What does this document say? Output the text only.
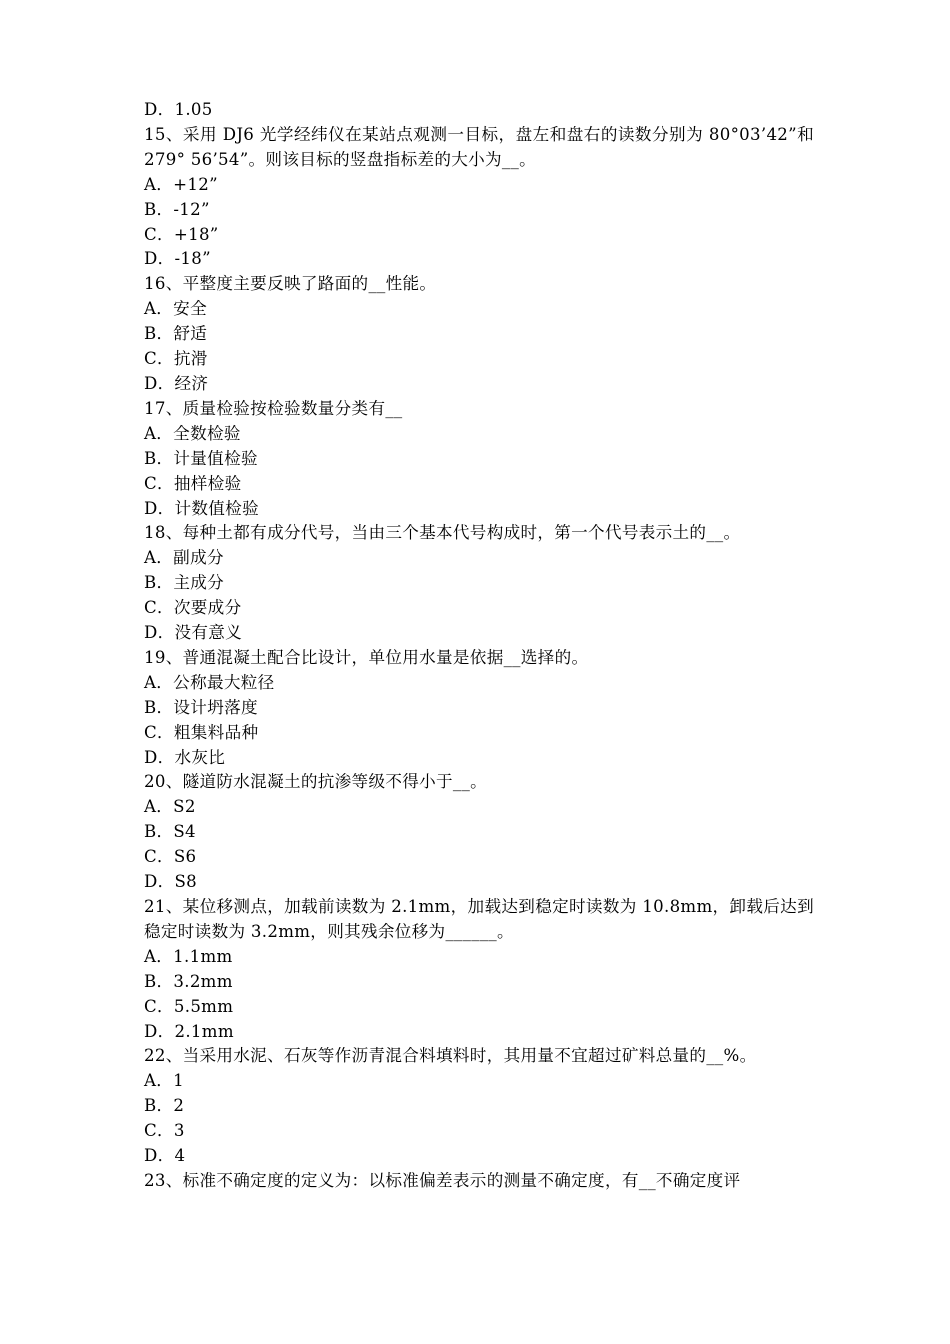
D．1.05
15、采用 DJ6 光学经纬仪在某站点观测一目标，盘左和盘右的读数分别为 80°03’42”和 279° 56’54”。则该目标的竖盘指标差的大小为__。
A．+12”
B．-12”
C．+18”
D．-18”
16、平整度主要反映了路面的__性能。
A．安全
B．舒适
C．抗滑
D．经济
17、质量检验按检验数量分类有__
A．全数检验
B．计量值检验
C．抽样检验
D．计数值检验
18、每种土都有成分代号，当由三个基本代号构成时，第一个代号表示土的__。
A．副成分
B．主成分
C．次要成分
D．没有意义
19、普通混凝土配合比设计，单位用水量是依据__选择的。
A．公称最大粒径
B．设计坍落度
C．粗集料品种
D．水灰比
20、隧道防水混凝土的抗渗等级不得小于__。
A．S2
B．S4
C．S6
D．S8
21、某位移测点，加载前读数为 2.1mm，加载达到稳定时读数为 10.8mm，卸载后达到稳定时读数为 3.2mm，则其残余位移为______。
A．1.1mm
B．3.2mm
C．5.5mm
D．2.1mm
22、当采用水泥、石灰等作沥青混合料填料时，其用量不宜超过矿料总量的__%。
A．1
B．2
C．3
D．4
23、标准不确定度的定义为：以标准偏差表示的测量不确定度，有__不确定度评
